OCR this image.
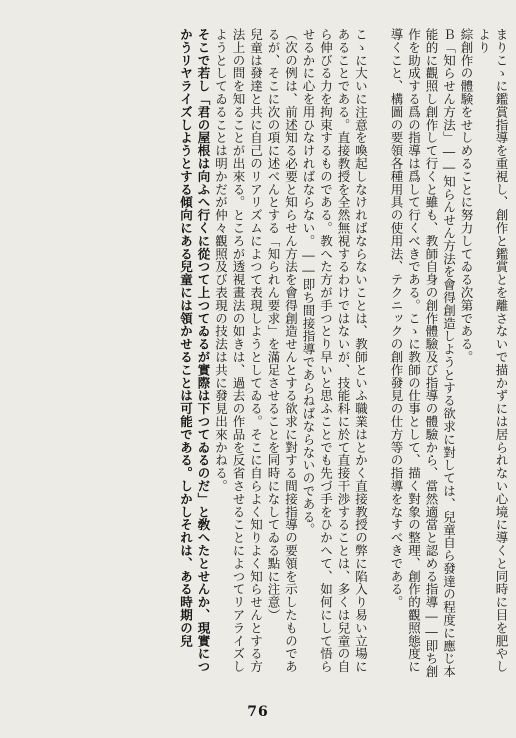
まりこゝに鑑賞指導を重視し、創作と鑑賞とを離さないで描かずには居られない心境に導くと同時に目を肥やしより

綜創作の體験をせしめることに努力してゐる次第である。

Ｂ「知らせん方法」――知らんせん方法を會得創造しようとする欲求に對しては、兒童自ら發達の程度に應じ本能的に觀照し創作して行くと雖も、教師自身の創作體驗及び指導の體驗から、當然適當と認める指導――即ち創作を助成する爲の指導は爲して行くべきである。こゝに教師の仕事として、描く對象の整理、創作的觀照態度に導くこと、構圖の要領各種用具の使用法、テクニックの創作發見の仕方等の指導をなすべきである。

こゝに大いに注意を喚起しなければならないことは、教師といふ職業はとかく直接教授の弊に陷入り易い立場にあることである。直接教授を全然無視するわけではないが、技能科に於て直接干渉することは、多くは兒童の自ら伸びる力を拘束するものである。教へた方が手つとり早いと思ふことでも先づ手をひかへて、如何にして悟らせるかに心を用ひなければならない。――即ち間接指導であらねばならないのである。

（次の例は、前述知る必要と知らせん方法を會得創造せんとする欲求に對する間接指導の要領を示したものであるが、そこに次の項に述べんとする「知られん要求」を滿足させることを同時になしてゐる點に注意）

兒童は發達と共に自己のリアリズムによつて表現しようとしてゐる。そこに自らよく知りよく知らせんとする方法上の問を知ることが出來る。ところが透視畫法の如きは、過去の作品を反省させることによつてリアライズしようとしてゐることは明かだが仲々觀照及び表現の技法は共に發見出來かねる。

そこで若し「君の屋根は向ふへ行くに從つて上つてゐるが實際は下つてゐるのだ」と敎へたとせんか、現實につかうリヤライズしようとする傾向にある兒童には領かせることは可能である。しかしそれは、ある時期の兒

76
